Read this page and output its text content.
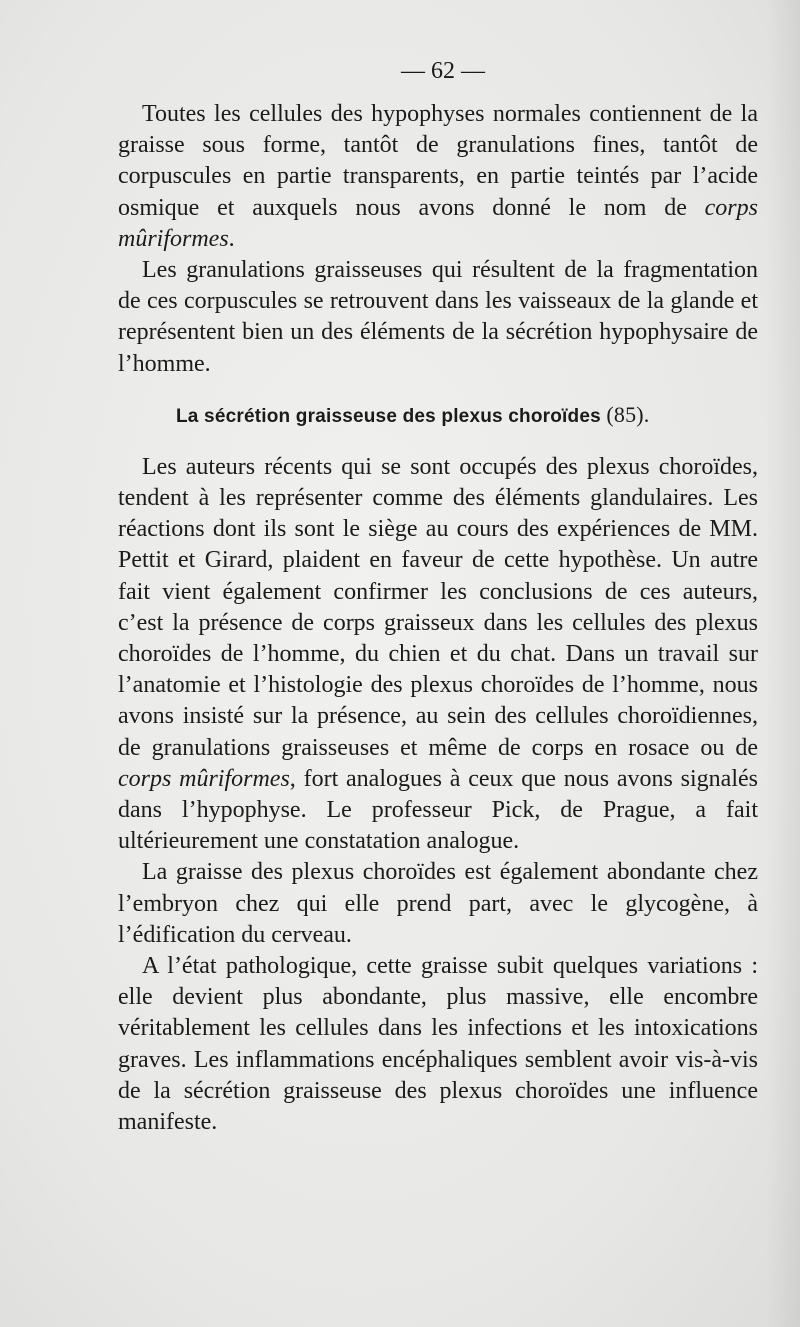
— 62 —

Toutes les cellules des hypophyses normales contiennent de la graisse sous forme, tantôt de granulations fines, tantôt de corpuscules en partie transparents, en partie teintés par l’acide osmique et auxquels nous avons donné le nom de corps mûriformes.

Les granulations graisseuses qui résultent de la fragmentation de ces corpuscules se retrouvent dans les vaisseaux de la glande et représentent bien un des éléments de la sécrétion hypophysaire de l’homme.

La sécrétion graisseuse des plexus choroïdes (85).

Les auteurs récents qui se sont occupés des plexus choroïdes, tendent à les représenter comme des éléments glandulaires. Les réactions dont ils sont le siège au cours des expériences de MM. Pettit et Girard, plaident en faveur de cette hypothèse. Un autre fait vient également confirmer les conclusions de ces auteurs, c’est la présence de corps graisseux dans les cellules des plexus choroïdes de l’homme, du chien et du chat. Dans un travail sur l’anatomie et l’histologie des plexus choroïdes de l’homme, nous avons insisté sur la présence, au sein des cellules choroïdiennes, de granulations graisseuses et même de corps en rosace ou de corps mûriformes, fort analogues à ceux que nous avons signalés dans l’hypophyse. Le professeur Pick, de Prague, a fait ultérieurement une constatation analogue.

La graisse des plexus choroïdes est également abondante chez l’embryon chez qui elle prend part, avec le glycogène, à l’édification du cerveau.

A l’état pathologique, cette graisse subit quelques variations : elle devient plus abondante, plus massive, elle encombre véritablement les cellules dans les infections et les intoxications graves. Les inflammations encéphaliques semblent avoir vis-à-vis de la sécrétion graisseuse des plexus choroïdes une influence manifeste.
